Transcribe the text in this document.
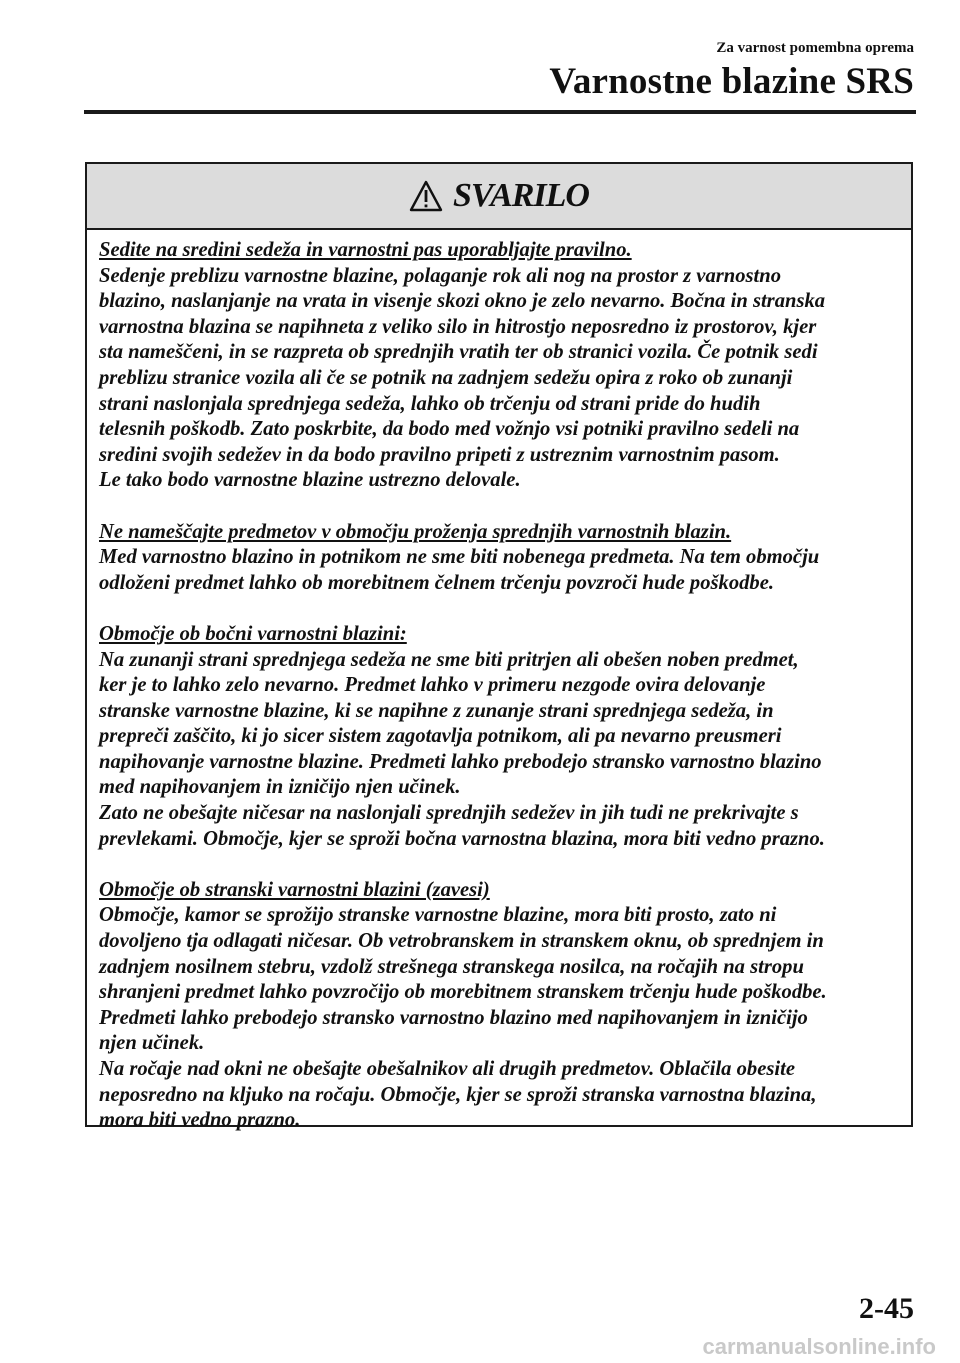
Za varnost pomembna oprema
Varnostne blazine SRS
SVARILO
Sedite na sredini sedeža in varnostni pas uporabljajte pravilno.
Sedenje preblizu varnostne blazine, polaganje rok ali nog na prostor z varnostno
blazino, naslanjanje na vrata in visenje skozi okno je zelo nevarno. Bočna in stranska
varnostna blazina se napihneta z veliko silo in hitrostjo neposredno iz prostorov, kjer
sta nameščeni, in se razpreta ob sprednjih vratih ter ob stranici vozila. Če potnik sedi
preblizu stranice vozila ali če se potnik na zadnjem sedežu opira z roko ob zunanji
strani naslonjala sprednjega sedeža, lahko ob trčenju od strani pride do hudih
telesnih poškodb. Zato poskrbite, da bodo med vožnjo vsi potniki pravilno sedeli na
sredini svojih sedežev in da bodo pravilno pripeti z ustreznim varnostnim pasom.
Le tako bodo varnostne blazine ustrezno delovale.
Ne nameščajte predmetov v območju proženja sprednjih varnostnih blazin.
Med varnostno blazino in potnikom ne sme biti nobenega predmeta. Na tem območju
odloženi predmet lahko ob morebitnem čelnem trčenju povzroči hude poškodbe.
Območje ob bočni varnostni blazini:
Na zunanji strani sprednjega sedeža ne sme biti pritrjen ali obešen noben predmet,
ker je to lahko zelo nevarno. Predmet lahko v primeru nezgode ovira delovanje
stranske varnostne blazine, ki se napihne z zunanje strani sprednjega sedeža, in
prepreči zaščito, ki jo sicer sistem zagotavlja potnikom, ali pa nevarno preusmeri
napihovanje varnostne blazine. Predmeti lahko prebodejo stransko varnostno blazino
med napihovanjem in izničijo njen učinek.
Zato ne obešajte ničesar na naslonjali sprednjih sedežev in jih tudi ne prekrivajte s
prevlekami. Območje, kjer se sproži bočna varnostna blazina, mora biti vedno prazno.
Območje ob stranski varnostni blazini (zavesi)
Območje, kamor se sprožijo stranske varnostne blazine, mora biti prosto, zato ni
dovoljeno tja odlagati ničesar. Ob vetrobranskem in stranskem oknu, ob sprednjem in
zadnjem nosilnem stebru, vzdolž strešnega stranskega nosilca, na ročajih na stropu
shranjeni predmet lahko povzročijo ob morebitnem stranskem trčenju hude poškodbe.
Predmeti lahko prebodejo stransko varnostno blazino med napihovanjem in izničijo
njen učinek.
Na ročaje nad okni ne obešajte obešalnikov ali drugih predmetov. Oblačila obesite
neposredno na kljuko na ročaju. Območje, kjer se sproži stranska varnostna blazina,
mora biti vedno prazno.
2-45
carmanualsonline.info
